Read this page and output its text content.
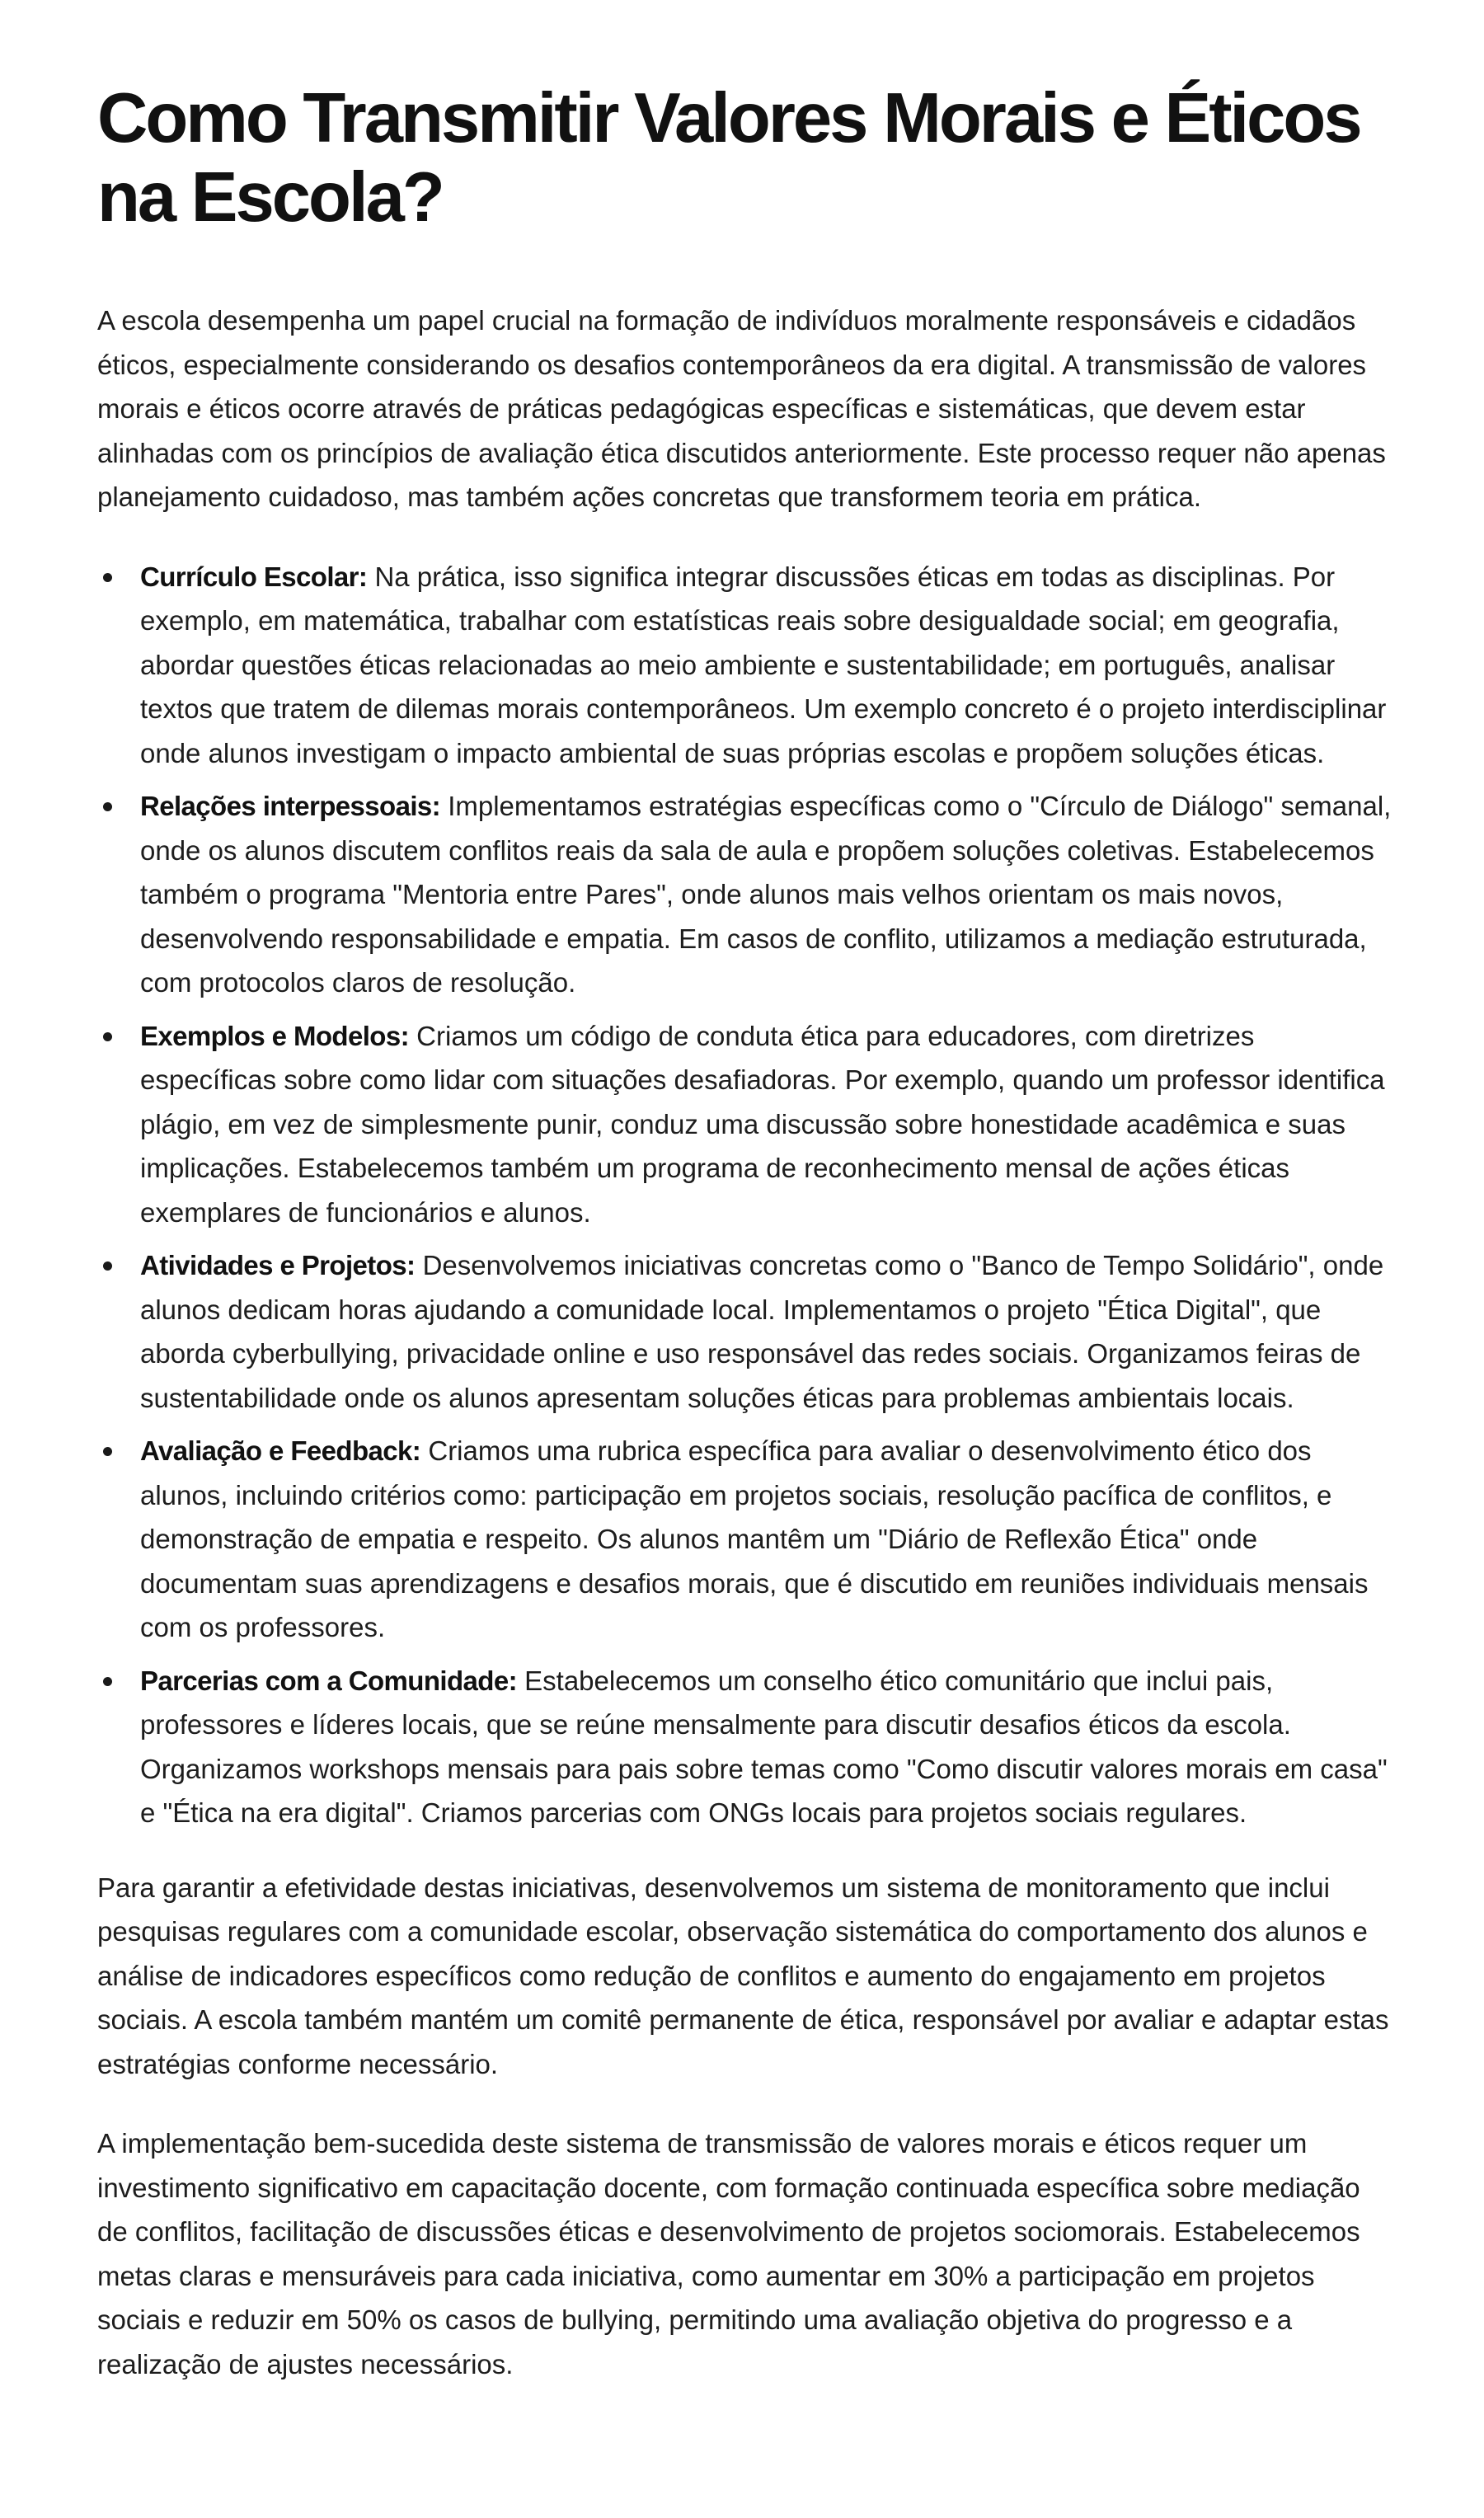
Como Transmitir Valores Morais e Éticos na Escola?

A escola desempenha um papel crucial na formação de indivíduos moralmente responsáveis e cidadãos éticos, especialmente considerando os desafios contemporâneos da era digital. A transmissão de valores morais e éticos ocorre através de práticas pedagógicas específicas e sistemáticas, que devem estar alinhadas com os princípios de avaliação ética discutidos anteriormente. Este processo requer não apenas planejamento cuidadoso, mas também ações concretas que transformem teoria em prática.

Currículo Escolar: Na prática, isso significa integrar discussões éticas em todas as disciplinas. Por exemplo, em matemática, trabalhar com estatísticas reais sobre desigualdade social; em geografia, abordar questões éticas relacionadas ao meio ambiente e sustentabilidade; em português, analisar textos que tratem de dilemas morais contemporâneos. Um exemplo concreto é o projeto interdisciplinar onde alunos investigam o impacto ambiental de suas próprias escolas e propõem soluções éticas.
Relações interpessoais: Implementamos estratégias específicas como o "Círculo de Diálogo" semanal, onde os alunos discutem conflitos reais da sala de aula e propõem soluções coletivas. Estabelecemos também o programa "Mentoria entre Pares", onde alunos mais velhos orientam os mais novos, desenvolvendo responsabilidade e empatia. Em casos de conflito, utilizamos a mediação estruturada, com protocolos claros de resolução.
Exemplos e Modelos: Criamos um código de conduta ética para educadores, com diretrizes específicas sobre como lidar com situações desafiadoras. Por exemplo, quando um professor identifica plágio, em vez de simplesmente punir, conduz uma discussão sobre honestidade acadêmica e suas implicações. Estabelecemos também um programa de reconhecimento mensal de ações éticas exemplares de funcionários e alunos.
Atividades e Projetos: Desenvolvemos iniciativas concretas como o "Banco de Tempo Solidário", onde alunos dedicam horas ajudando a comunidade local. Implementamos o projeto "Ética Digital", que aborda cyberbullying, privacidade online e uso responsável das redes sociais. Organizamos feiras de sustentabilidade onde os alunos apresentam soluções éticas para problemas ambientais locais.
Avaliação e Feedback: Criamos uma rubrica específica para avaliar o desenvolvimento ético dos alunos, incluindo critérios como: participação em projetos sociais, resolução pacífica de conflitos, e demonstração de empatia e respeito. Os alunos mantêm um "Diário de Reflexão Ética" onde documentam suas aprendizagens e desafios morais, que é discutido em reuniões individuais mensais com os professores.
Parcerias com a Comunidade: Estabelecemos um conselho ético comunitário que inclui pais, professores e líderes locais, que se reúne mensalmente para discutir desafios éticos da escola. Organizamos workshops mensais para pais sobre temas como "Como discutir valores morais em casa" e "Ética na era digital". Criamos parcerias com ONGs locais para projetos sociais regulares.

Para garantir a efetividade destas iniciativas, desenvolvemos um sistema de monitoramento que inclui pesquisas regulares com a comunidade escolar, observação sistemática do comportamento dos alunos e análise de indicadores específicos como redução de conflitos e aumento do engajamento em projetos sociais. A escola também mantém um comitê permanente de ética, responsável por avaliar e adaptar estas estratégias conforme necessário.

A implementação bem-sucedida deste sistema de transmissão de valores morais e éticos requer um investimento significativo em capacitação docente, com formação continuada específica sobre mediação de conflitos, facilitação de discussões éticas e desenvolvimento de projetos sociomorais. Estabelecemos metas claras e mensuráveis para cada iniciativa, como aumentar em 30% a participação em projetos sociais e reduzir em 50% os casos de bullying, permitindo uma avaliação objetiva do progresso e a realização de ajustes necessários.
